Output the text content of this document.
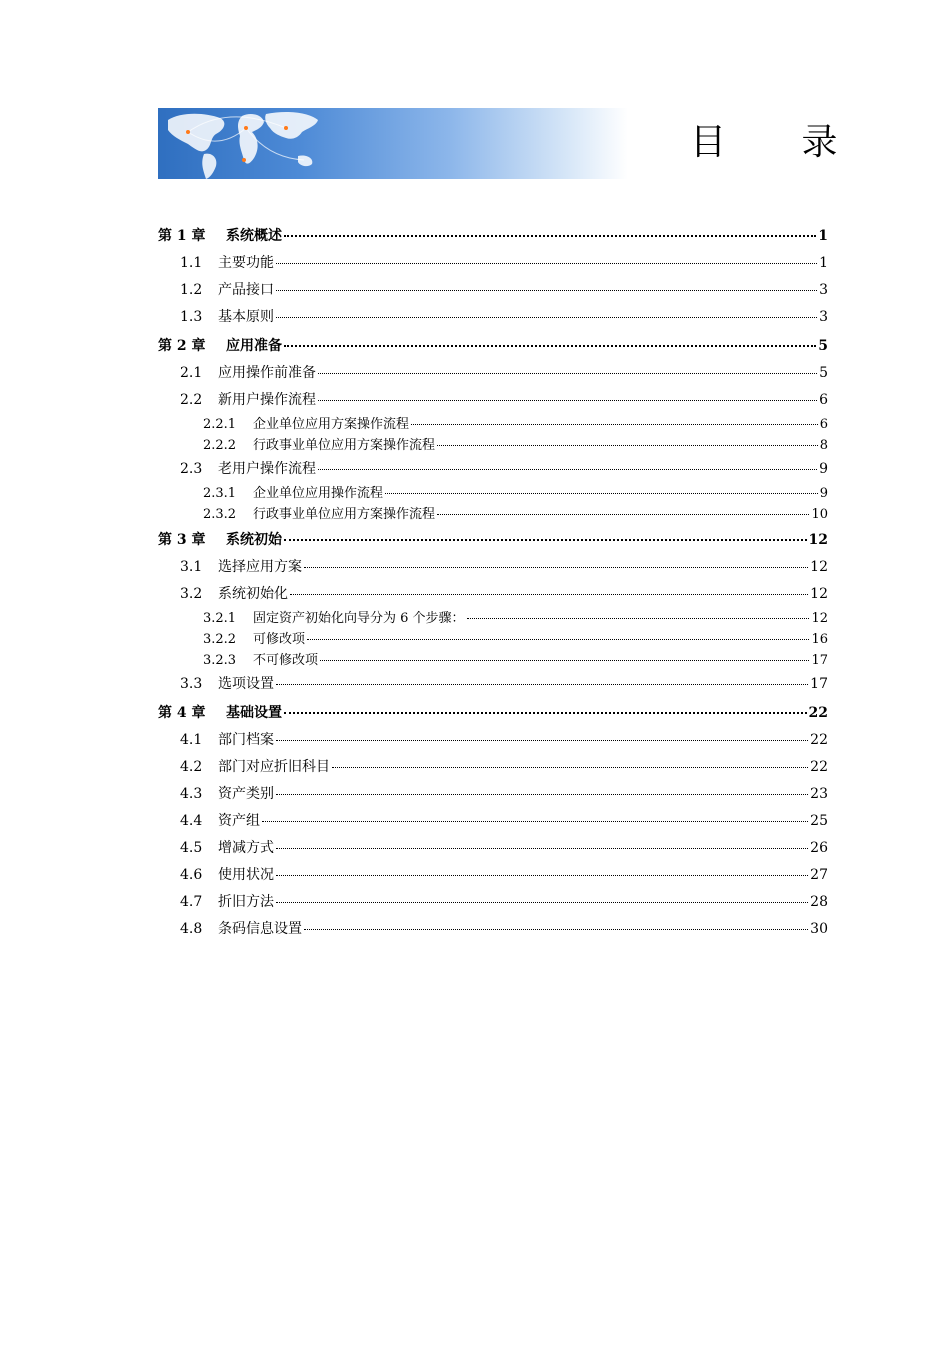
目 录
第 1 章	系统概述	1
1.1	主要功能	1
1.2	产品接口	3
1.3	基本原则	3
第 2 章	应用准备	5
2.1	应用操作前准备	5
2.2	新用户操作流程	6
2.2.1	企业单位应用方案操作流程	6
2.2.2	行政事业单位应用方案操作流程	8
2.3	老用户操作流程	9
2.3.1	企业单位应用操作流程	9
2.3.2	行政事业单位应用方案操作流程	10
第 3 章	系统初始	12
3.1	选择应用方案	12
3.2	系统初始化	12
3.2.1	固定资产初始化向导分为 6 个步骤：	12
3.2.2	可修改项	16
3.2.3	不可修改项	17
3.3	选项设置	17
第 4 章	基础设置	22
4.1	部门档案	22
4.2	部门对应折旧科目	22
4.3	资产类别	23
4.4	资产组	25
4.5	增减方式	26
4.6	使用状况	27
4.7	折旧方法	28
4.8	条码信息设置	30
